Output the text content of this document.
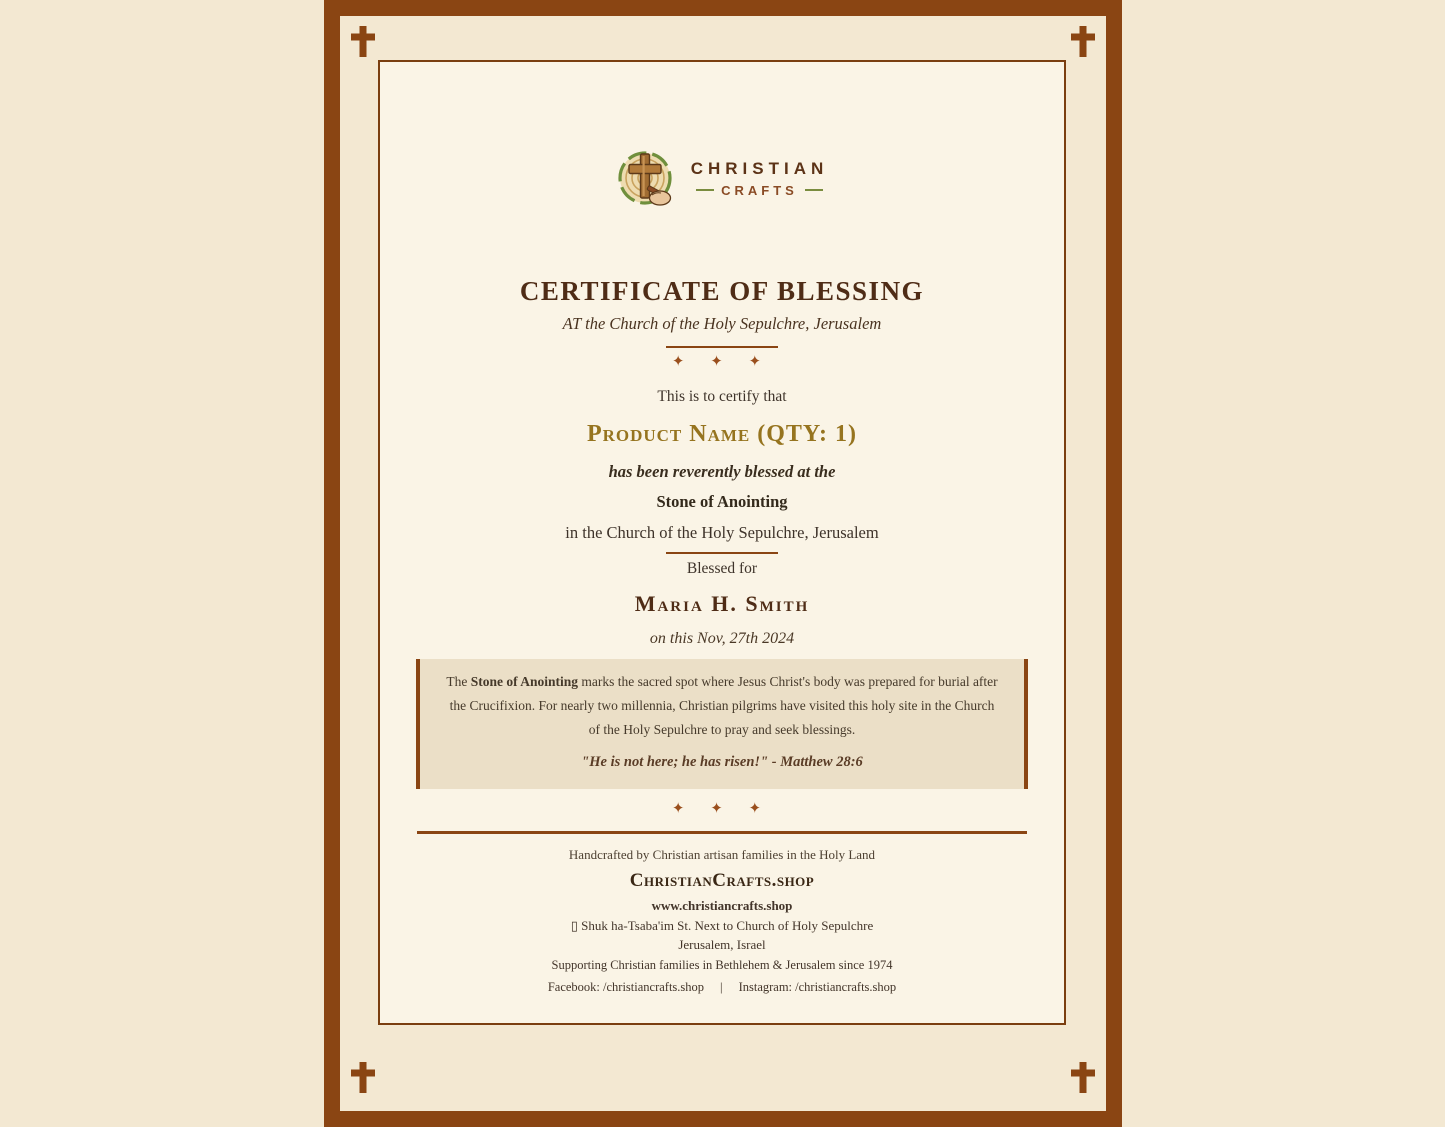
CHRISTIAN
CRAFTS
CERTIFICATE OF BLESSING
AT the Church of the Holy Sepulchre, Jerusalem
✦ ✦ ✦
This is to certify that
Product Name (QTY: 1)
has been reverently blessed at the
Stone of Anointing
in the Church of the Holy Sepulchre, Jerusalem
Blessed for
Maria H. Smith
on this Nov, 27th 2024

The Stone of Anointing marks the sacred spot where Jesus Christ's body was prepared for burial after the Crucifixion. For nearly two millennia, Christian pilgrims have visited this holy site in the Church of the Holy Sepulchre to pray and seek blessings.

"He is not here; he has risen!" - Matthew 28:6

✦ ✦ ✦
Handcrafted by Christian artisan families in the Holy Land
ChristianCrafts.shop
www.christiancrafts.shop
▯ Shuk ha-Tsaba'im St. Next to Church of Holy Sepulchre
Jerusalem, Israel
Supporting Christian families in Bethlehem & Jerusalem since 1974
Facebook: /christiancrafts.shop | Instagram: /christiancrafts.shop
